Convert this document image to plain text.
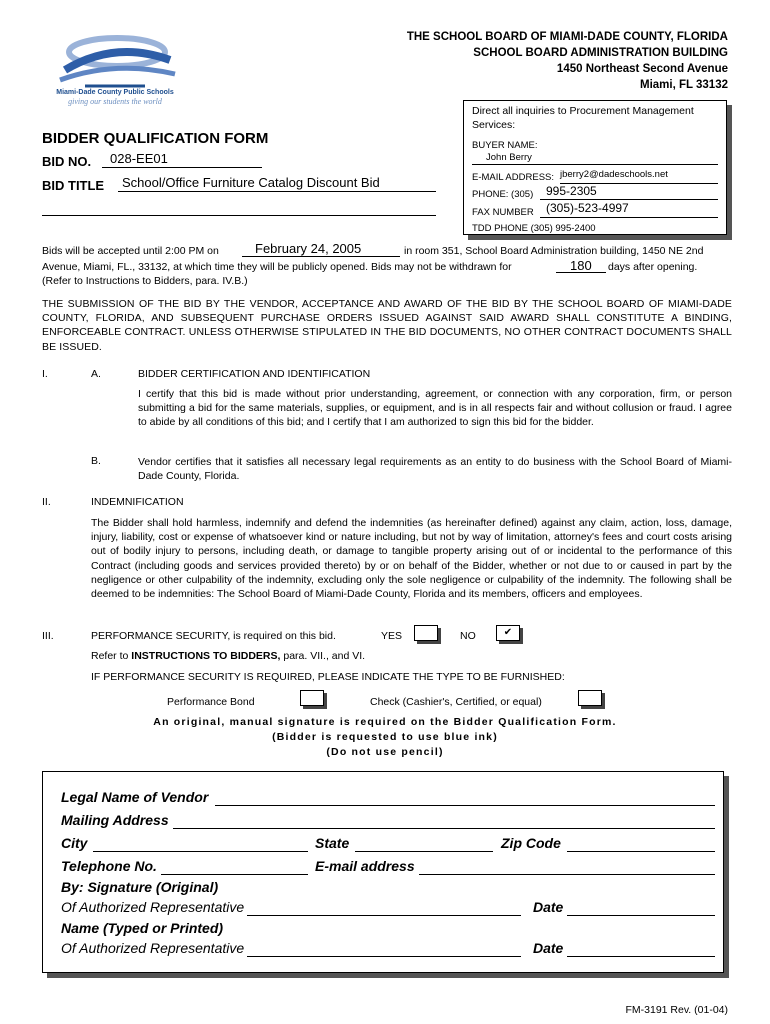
Miami-Dade County Public Schools
giving our students the world
THE SCHOOL BOARD OF MIAMI-DADE COUNTY, FLORIDA
SCHOOL BOARD ADMINISTRATION BUILDING
1450 Northeast Second Avenue
Miami, FL 33132
Direct all inquiries to Procurement Management
Services:
BUYER NAME:
John Berry
E-MAIL ADDRESS: jberry2@dadeschools.net
PHONE: (305) 995-2305
FAX NUMBER (305)-523-4997
TDD PHONE (305) 995-2400
BIDDER QUALIFICATION FORM
BID NO. 028-EE01
BID TITLE School/Office Furniture Catalog Discount Bid
Bids will be accepted until 2:00 PM on	February 24, 2005	in room 351, School Board Administration building, 1450 NE 2nd
Avenue, Miami, FL., 33132, at which time they will be publicly opened. Bids may not be withdrawn for	180 days after opening.
(Refer to Instructions to Bidders, para. IV.B.)
THE SUBMISSION OF THE BID BY THE VENDOR, ACCEPTANCE AND AWARD OF THE BID BY THE SCHOOL BOARD OF MIAMI-DADE COUNTY, FLORIDA, AND SUBSEQUENT PURCHASE ORDERS ISSUED AGAINST SAID AWARD SHALL CONSTITUTE A BINDING, ENFORCEABLE CONTRACT. UNLESS OTHERWISE STIPULATED IN THE BID DOCUMENTS, NO OTHER CONTRACT DOCUMENTS SHALL BE ISSUED.
I.	A.	BIDDER CERTIFICATION AND IDENTIFICATION
I certify that this bid is made without prior understanding, agreement, or connection with any corporation, firm, or person submitting a bid for the same materials, supplies, or equipment, and is in all respects fair and without collusion or fraud. I agree to abide by all conditions of this bid; and I certify that I am authorized to sign this bid for the bidder.
B.	Vendor certifies that it satisfies all necessary legal requirements as an entity to do business with the School Board of Miami-Dade County, Florida.
II.	INDEMNIFICATION
The Bidder shall hold harmless, indemnify and defend the indemnities (as hereinafter defined) against any claim, action, loss, damage, injury, liability, cost or expense of whatsoever kind or nature including, but not by way of limitation, attorney's fees and court costs arising out of bodily injury to persons, including death, or damage to tangible property arising out of or incidental to the performance of this Contract (including goods and services provided thereto) by or on behalf of the Bidder, whether or not due to or caused in part by the negligence or other culpability of the indemnity, excluding only the sole negligence or culpability of the indemnity. The following shall be deemed to be indemnities: The School Board of Miami-Dade County, Florida and its members, officers and employees.
III.	PERFORMANCE SECURITY, is required on this bid.	YES	NO	✔
Refer to INSTRUCTIONS TO BIDDERS, para. VII., and VI.
IF PERFORMANCE SECURITY IS REQUIRED, PLEASE INDICATE THE TYPE TO BE FURNISHED:
Performance Bond	Check (Cashier's, Certified, or equal)
An original, manual signature is required on the Bidder Qualification Form.
(Bidder is requested to use blue ink)
(Do not use pencil)
Legal Name of Vendor
Mailing Address
City	State	Zip Code
Telephone No.	E-mail address
By: Signature (Original)
Of Authorized Representative	Date
Name (Typed or Printed)
Of Authorized Representative	Date
FM-3191 Rev. (01-04)
